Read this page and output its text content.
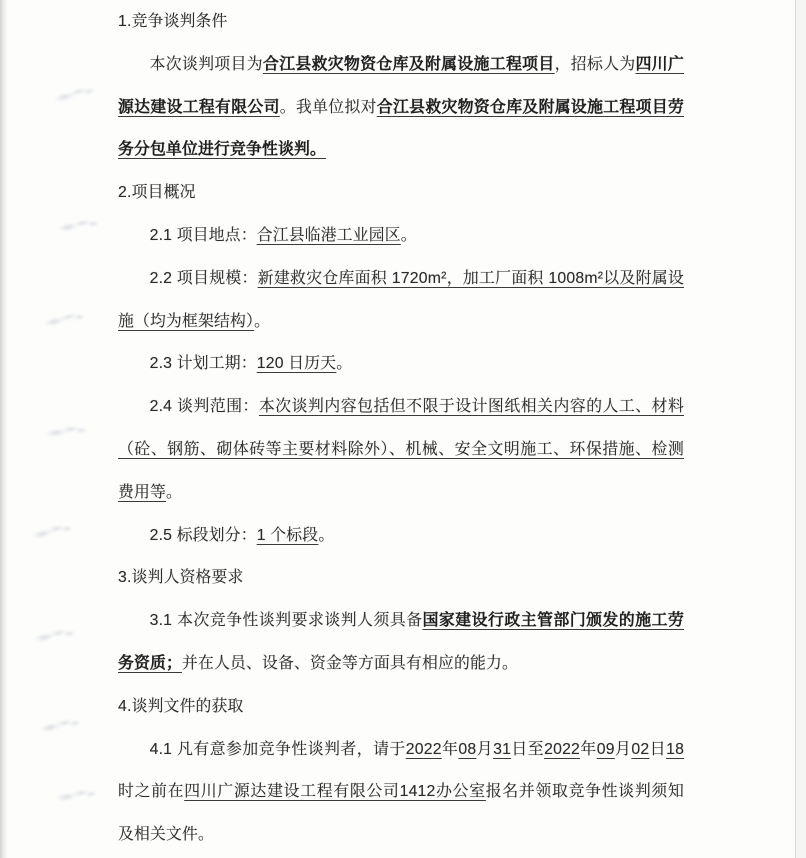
1.竞争谈判条件
本次谈判项目为合江县救灾物资仓库及附属设施工程项目，招标人为四川广
源达建设工程有限公司。我单位拟对合江县救灾物资仓库及附属设施工程项目劳
务分包单位进行竞争性谈判。
2.项目概况
2.1 项目地点：合江县临港工业园区。
2.2 项目规模：新建救灾仓库面积 1720m²，加工厂面积 1008m²以及附属设
施（均为框架结构）。
2.3 计划工期：120 日历天。
2.4 谈判范围：本次谈判内容包括但不限于设计图纸相关内容的人工、材料
（砼、钢筋、砌体砖等主要材料除外）、机械、安全文明施工、环保措施、检测
费用等。
2.5 标段划分：1 个标段。
3.谈判人资格要求
3.1 本次竞争性谈判要求谈判人须具备国家建设行政主管部门颁发的施工劳
务资质；并在人员、设备、资金等方面具有相应的能力。
4.谈判文件的获取
4.1 凡有意参加竞争性谈判者，请于2022年08月31日至2022年09月02日18
时之前在四川广源达建设工程有限公司1412办公室报名并领取竞争性谈判须知
及相关文件。
